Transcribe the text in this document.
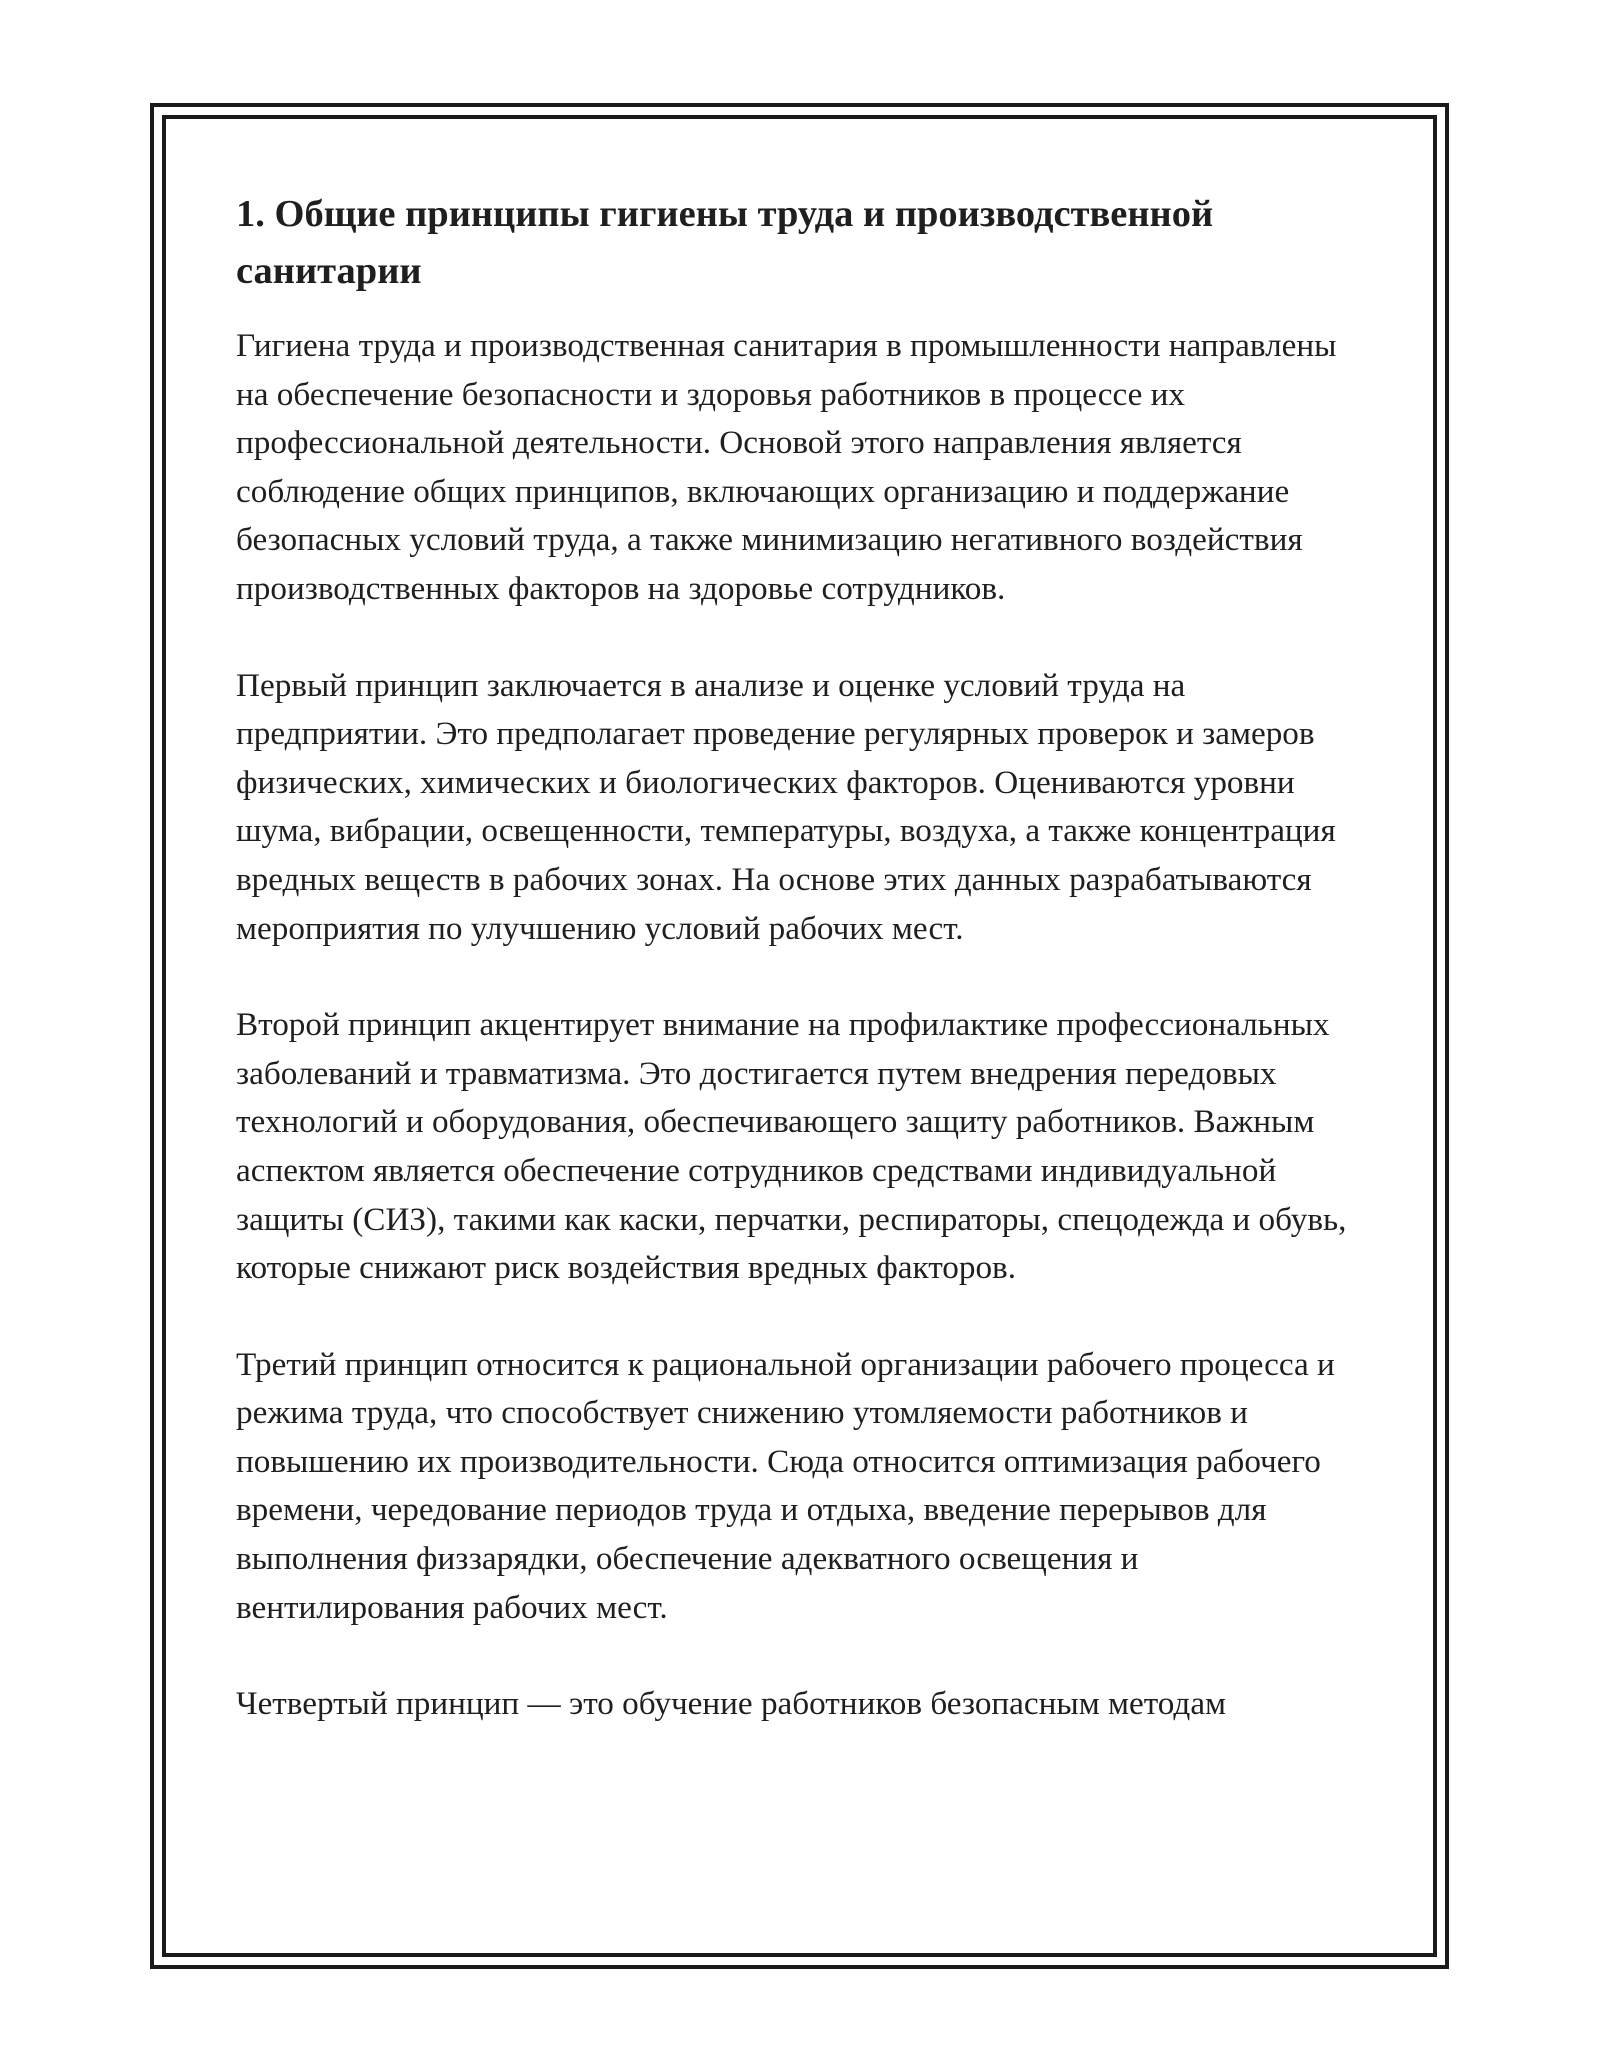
1. Общие принципы гигиены труда и производственной санитарии

Гигиена труда и производственная санитария в промышленности направлены на обеспечение безопасности и здоровья работников в процессе их профессиональной деятельности. Основой этого направления является соблюдение общих принципов, включающих организацию и поддержание безопасных условий труда, а также минимизацию негативного воздействия производственных факторов на здоровье сотрудников.

Первый принцип заключается в анализе и оценке условий труда на предприятии. Это предполагает проведение регулярных проверок и замеров физических, химических и биологических факторов. Оцениваются уровни шума, вибрации, освещенности, температуры, воздуха, а также концентрация вредных веществ в рабочих зонах. На основе этих данных разрабатываются мероприятия по улучшению условий рабочих мест.

Второй принцип акцентирует внимание на профилактике профессиональных заболеваний и травматизма. Это достигается путем внедрения передовых технологий и оборудования, обеспечивающего защиту работников. Важным аспектом является обеспечение сотрудников средствами индивидуальной защиты (СИЗ), такими как каски, перчатки, респираторы, спецодежда и обувь, которые снижают риск воздействия вредных факторов.

Третий принцип относится к рациональной организации рабочего процесса и режима труда, что способствует снижению утомляемости работников и повышению их производительности. Сюда относится оптимизация рабочего времени, чередование периодов труда и отдыха, введение перерывов для выполнения физзарядки, обеспечение адекватного освещения и вентилирования рабочих мест.

Четвертый принцип — это обучение работников безопасным методам
